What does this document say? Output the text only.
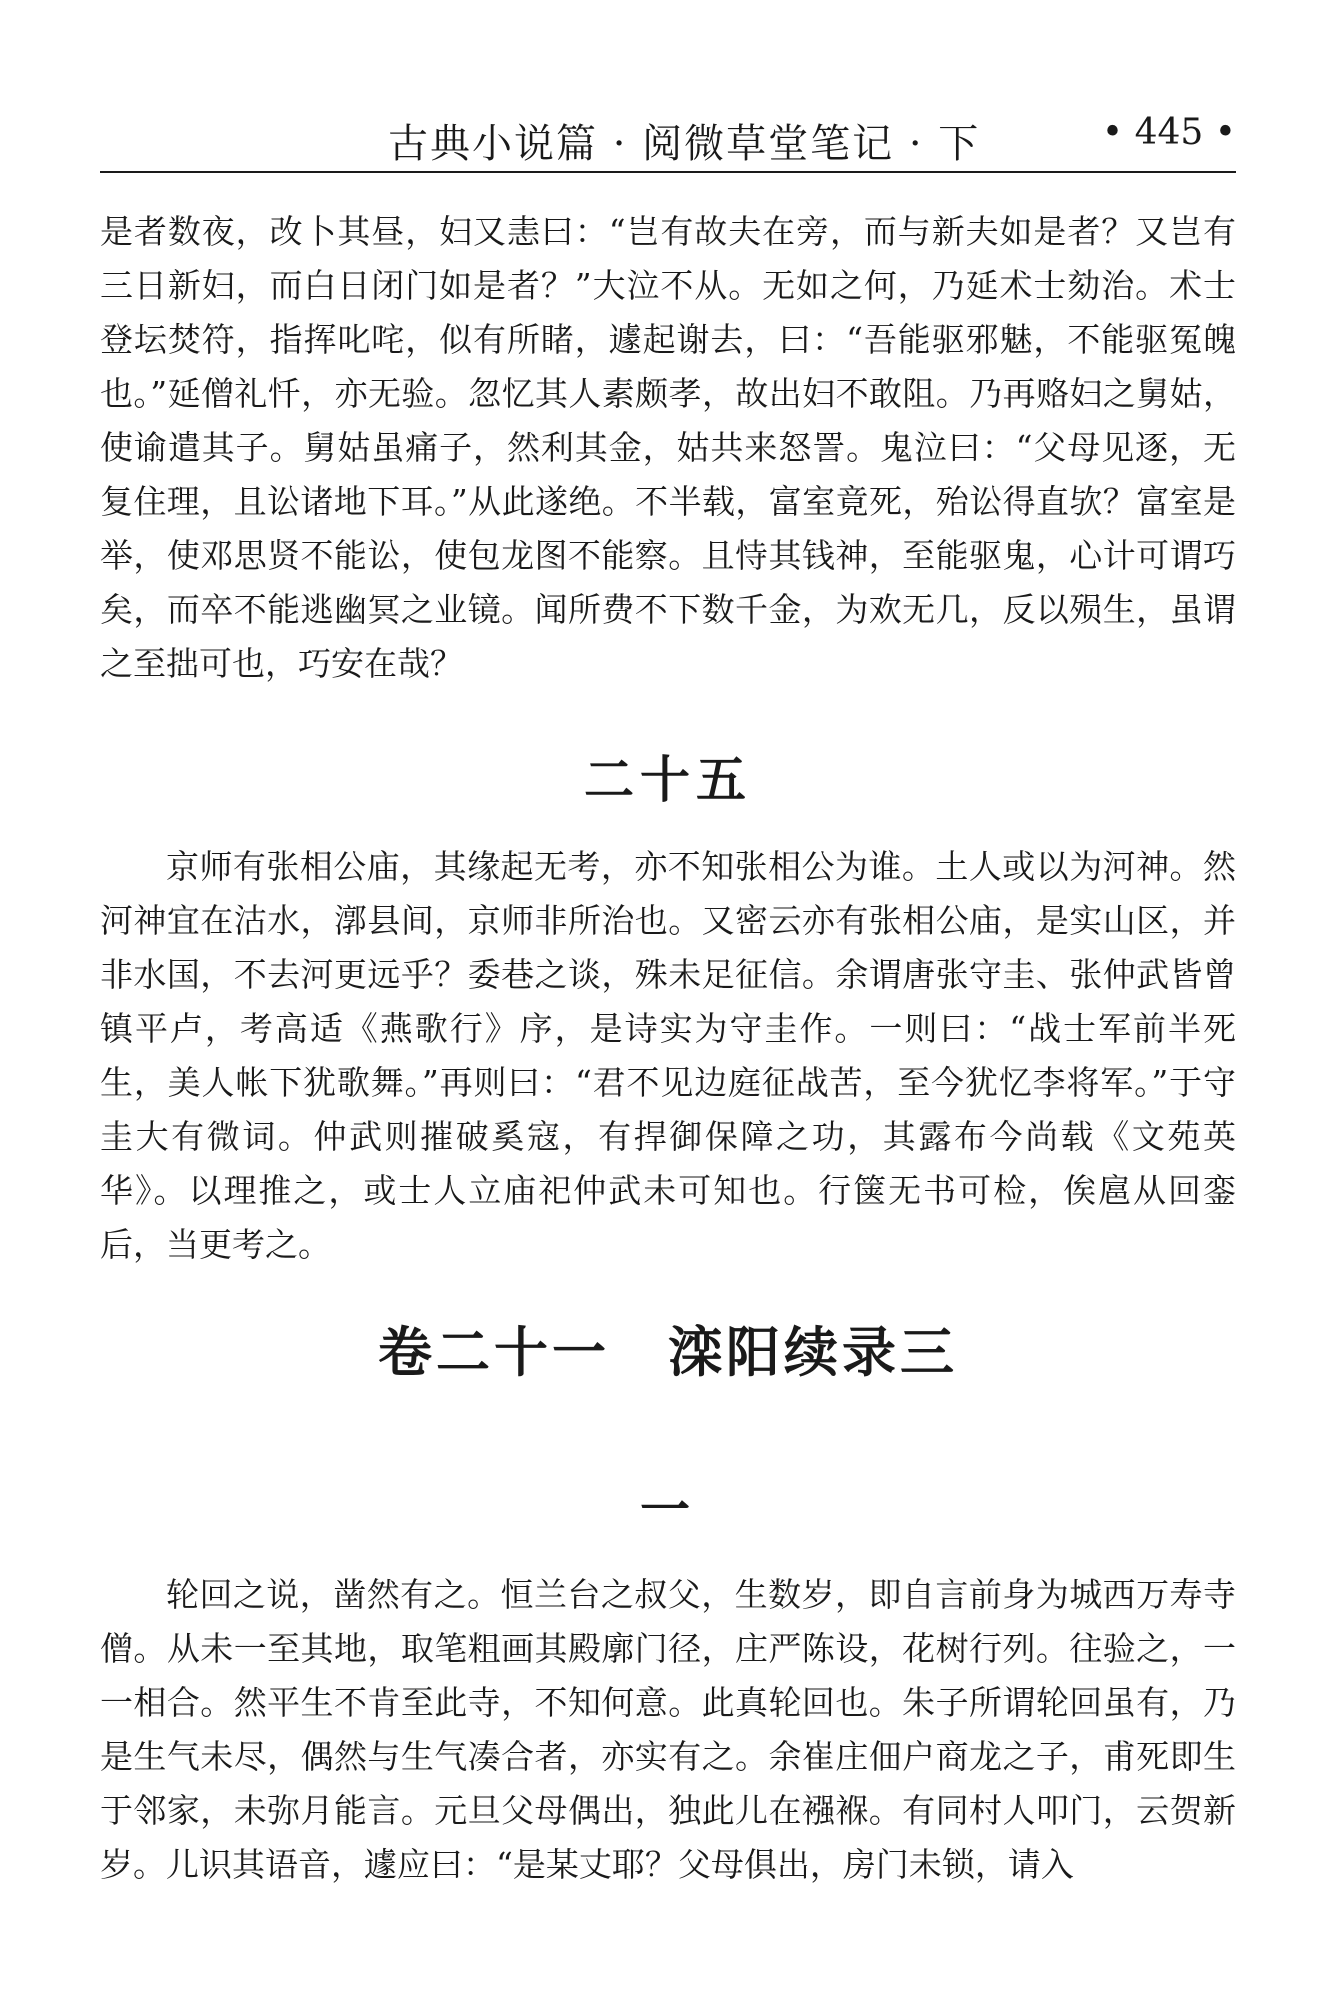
古典小说篇 · 阅微草堂笔记 · 下	• 445 •

是者数夜，改卜其昼，妇又恚曰：“岂有故夫在旁，而与新夫如是者？又岂有三日新妇，而白日闭门如是者？”大泣不从。无如之何，乃延术士劾治。术士登坛焚符，指挥叱咤，似有所睹，遽起谢去，曰：“吾能驱邪魅，不能驱冤魄也。”延僧礼忏，亦无验。忽忆其人素颇孝，故出妇不敢阻。乃再赂妇之舅姑，使谕遣其子。舅姑虽痛子，然利其金，姑共来怒詈。鬼泣曰：“父母见逐，无复住理，且讼诸地下耳。”从此遂绝。不半载，富室竟死，殆讼得直欤？富室是举，使邓思贤不能讼，使包龙图不能察。且恃其钱神，至能驱鬼，心计可谓巧矣，而卒不能逃幽冥之业镜。闻所费不下数千金，为欢无几，反以殒生，虽谓之至拙可也，巧安在哉？

二十五

京师有张相公庙，其缘起无考，亦不知张相公为谁。土人或以为河神。然河神宜在沽水，漷县间，京师非所治也。又密云亦有张相公庙，是实山区，并非水国，不去河更远乎？委巷之谈，殊未足征信。余谓唐张守圭、张仲武皆曾镇平卢，考高适《燕歌行》序，是诗实为守圭作。一则曰：“战士军前半死生，美人帐下犹歌舞。”再则曰：“君不见边庭征战苦，至今犹忆李将军。”于守圭大有微词。仲武则摧破奚寇，有捍御保障之功，其露布今尚载《文苑英华》。以理推之，或士人立庙祀仲武未可知也。行箧无书可检，俟扈从回銮后，当更考之。

卷二十一　滦阳续录三
一

轮回之说，凿然有之。恒兰台之叔父，生数岁，即自言前身为城西万寿寺僧。从未一至其地，取笔粗画其殿廓门径，庄严陈设，花树行列。往验之，一一相合。然平生不肯至此寺，不知何意。此真轮回也。朱子所谓轮回虽有，乃是生气未尽，偶然与生气凑合者，亦实有之。余崔庄佃户商龙之子，甫死即生于邻家，未弥月能言。元旦父母偶出，独此儿在襁褓。有同村人叩门，云贺新岁。儿识其语音，遽应曰：“是某丈耶？父母俱出，房门未锁，请入
